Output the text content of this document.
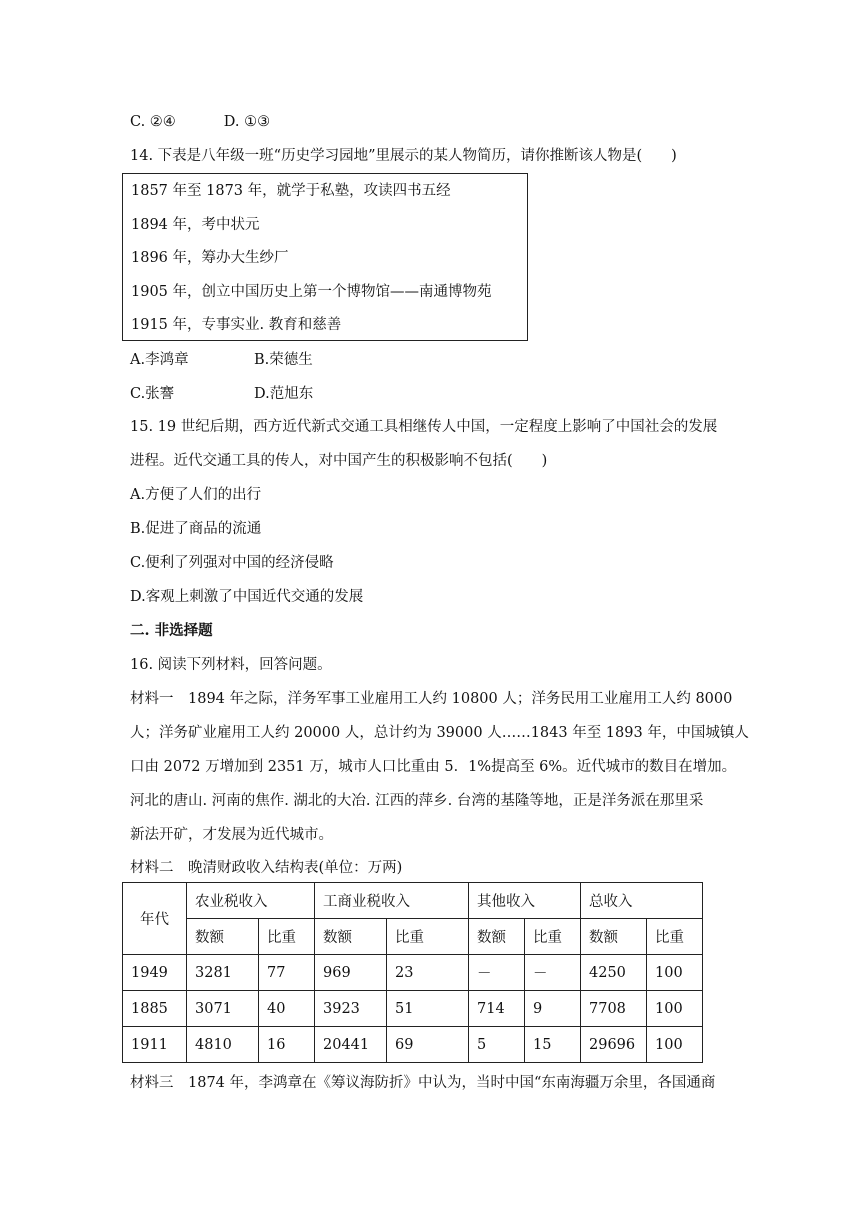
C. ②④	D. ①③
14. 下表是八年级一班“历史学习园地”里展示的某人物简历，请你推断该人物是(　　)
1857 年至 1873 年，就学于私塾，攻读四书五经
1894 年，考中状元
1896 年，筹办大生纱厂
1905 年，创立中国历史上第一个博物馆——南通博物苑
1915 年，专事实业. 教育和慈善
A.李鸿章	B.荣德生
C.张謇	D.范旭东
15. 19 世纪后期，西方近代新式交通工具相继传人中国，一定程度上影响了中国社会的发展
进程。近代交通工具的传人，对中国产生的积极影响不包括(　　)
A.方便了人们的出行
B.促进了商品的流通
C.便利了列强对中国的经济侵略
D.客观上刺激了中国近代交通的发展
二. 非选择题
16. 阅读下列材料，回答问题。
材料一　1894 年之际，洋务军事工业雇用工人约 10800 人；洋务民用工业雇用工人约 8000
人；洋务矿业雇用工人约 20000 人，总计约为 39000 人……1843 年至 1893 年，中国城镇人
口由 2072 万增加到 2351 万，城市人口比重由 5．1%提高至 6%。近代城市的数目在增加。
河北的唐山. 河南的焦作. 湖北的大冶. 江西的萍乡. 台湾的基隆等地，正是洋务派在那里采
新法开矿，才发展为近代城市。
材料二　晚清财政收入结构表(单位：万两)
年代	农业税收入		工商业税收入		其他收入		总收入	
	数额	比重	数额	比重	数额	比重	数额	比重
1949	3281	77	969	23	－	－	4250	100
1885	3071	40	3923	51	714	9	7708	100
1911	4810	16	20441	69	5	15	29696	100
材料三　1874 年，李鸿章在《筹议海防折》中认为，当时中国“东南海疆万余里，各国通商
